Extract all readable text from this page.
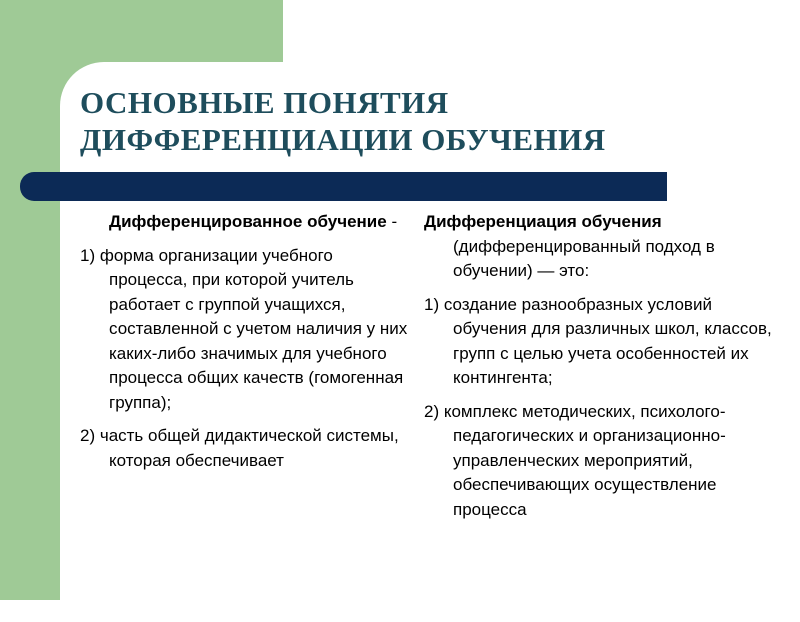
ОСНОВНЫЕ ПОНЯТИЯ
ДИФФЕРЕНЦИАЦИИ ОБУЧЕНИЯ

Дифференцированное обучение -

1) форма организации учебного процесса, при которой учитель работает с группой учащихся, составленной с учетом наличия у них каких-либо значимых для учебного процесса общих качеств (гомогенная группа);

2) часть общей дидактической системы, которая обеспечивает

Дифференциация обучения (дифференцированный подход в обучении) — это:

1) создание разнообразных условий обучения для различных школ, классов, групп с целью учета особенностей их контингента;

2) комплекс методических, психолого-педагогических и организационно-управленческих мероприятий, обеспечивающих осуществление процесса
